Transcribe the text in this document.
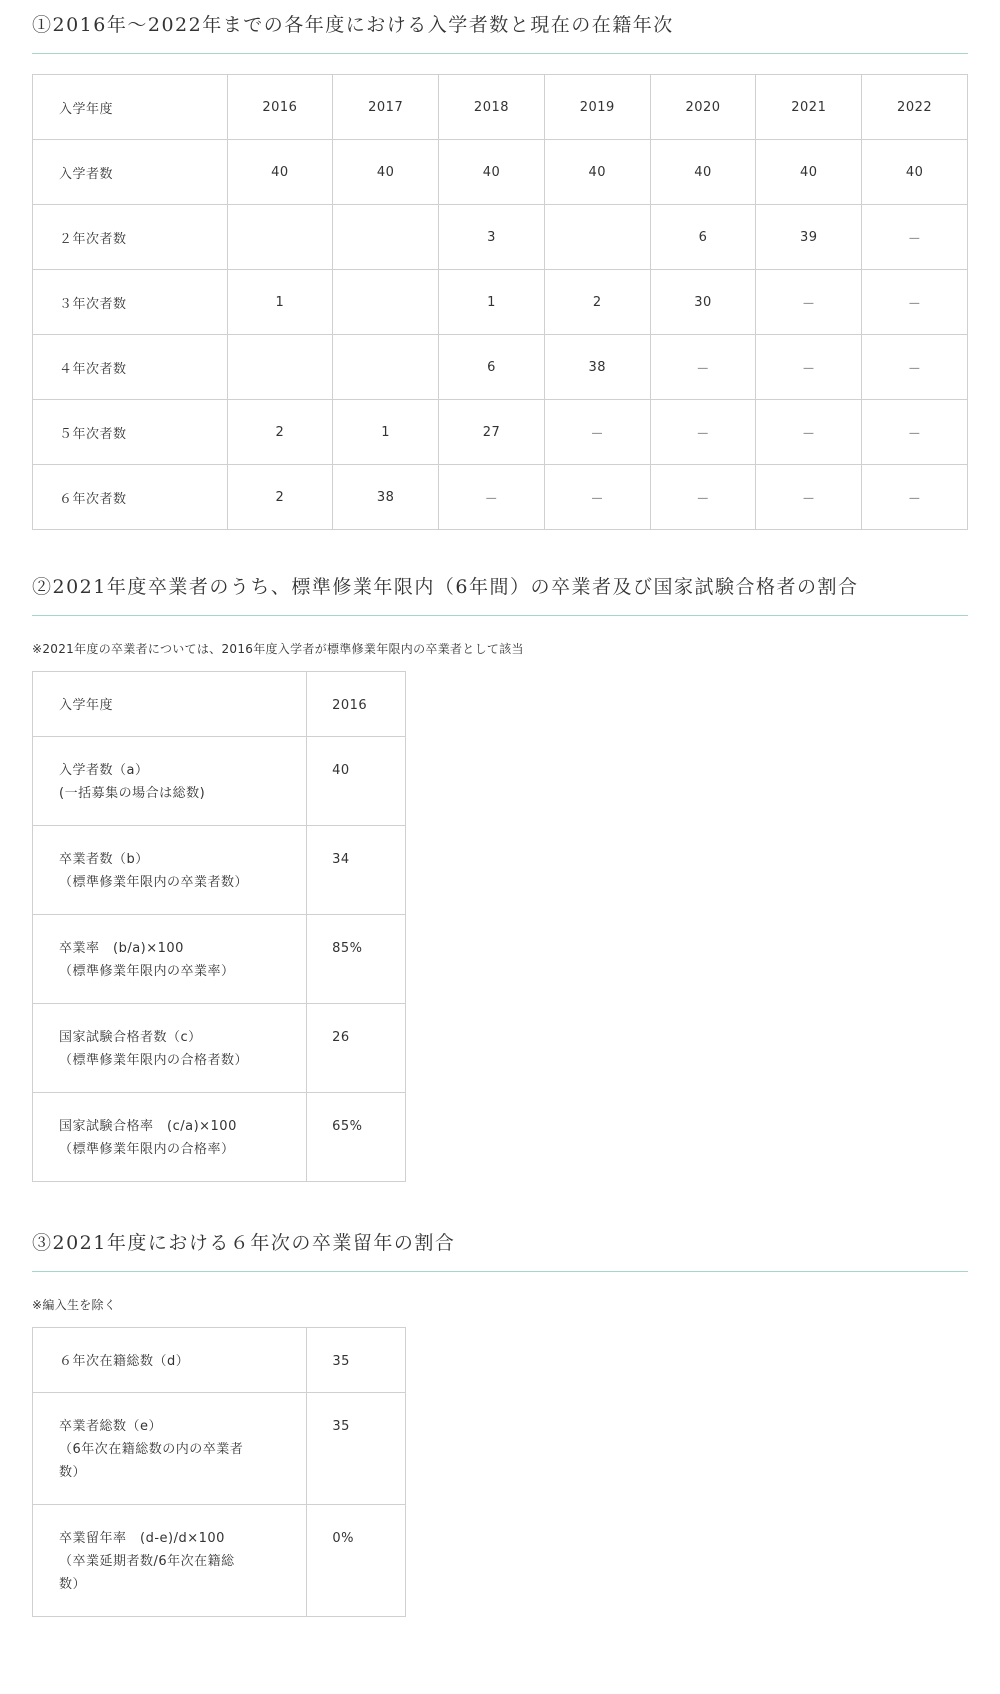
①2016年～2022年までの各年度における入学者数と現在の在籍年次
入学年度	2016	2017	2018	2019	2020	2021	2022
入学者数	40	40	40	40	40	40	40
２年次者数			3		6	39	－
３年次者数	1		1	2	30	－	－
４年次者数			6	38	－	－	－
５年次者数	2	1	27	－	－	－	－
６年次者数	2	38	－	－	－	－	－
②2021年度卒業者のうち、標準修業年限内（6年間）の卒業者及び国家試験合格者の割合

※2021年度の卒業者については、2016年度入学者が標準修業年限内の卒業者として該当

入学年度	2016

入学者数（a）
(一括募集の場合は総数)	40

卒業者数（b）
（標準修業年限内の卒業者数）	34

卒業率　(b/a)×100
（標準修業年限内の卒業率）	85%

国家試験合格者数（c）
（標準修業年限内の合格者数）	26

国家試験合格率　(c/a)×100
（標準修業年限内の合格率）	65%
③2021年度における６年次の卒業留年の割合

※編入生を除く

６年次在籍総数（d）	35

卒業者総数（e）
（6年次在籍総数の内の卒業者
数）	35

卒業留年率　(d-e)/d×100
（卒業延期者数/6年次在籍総
数）	0%
